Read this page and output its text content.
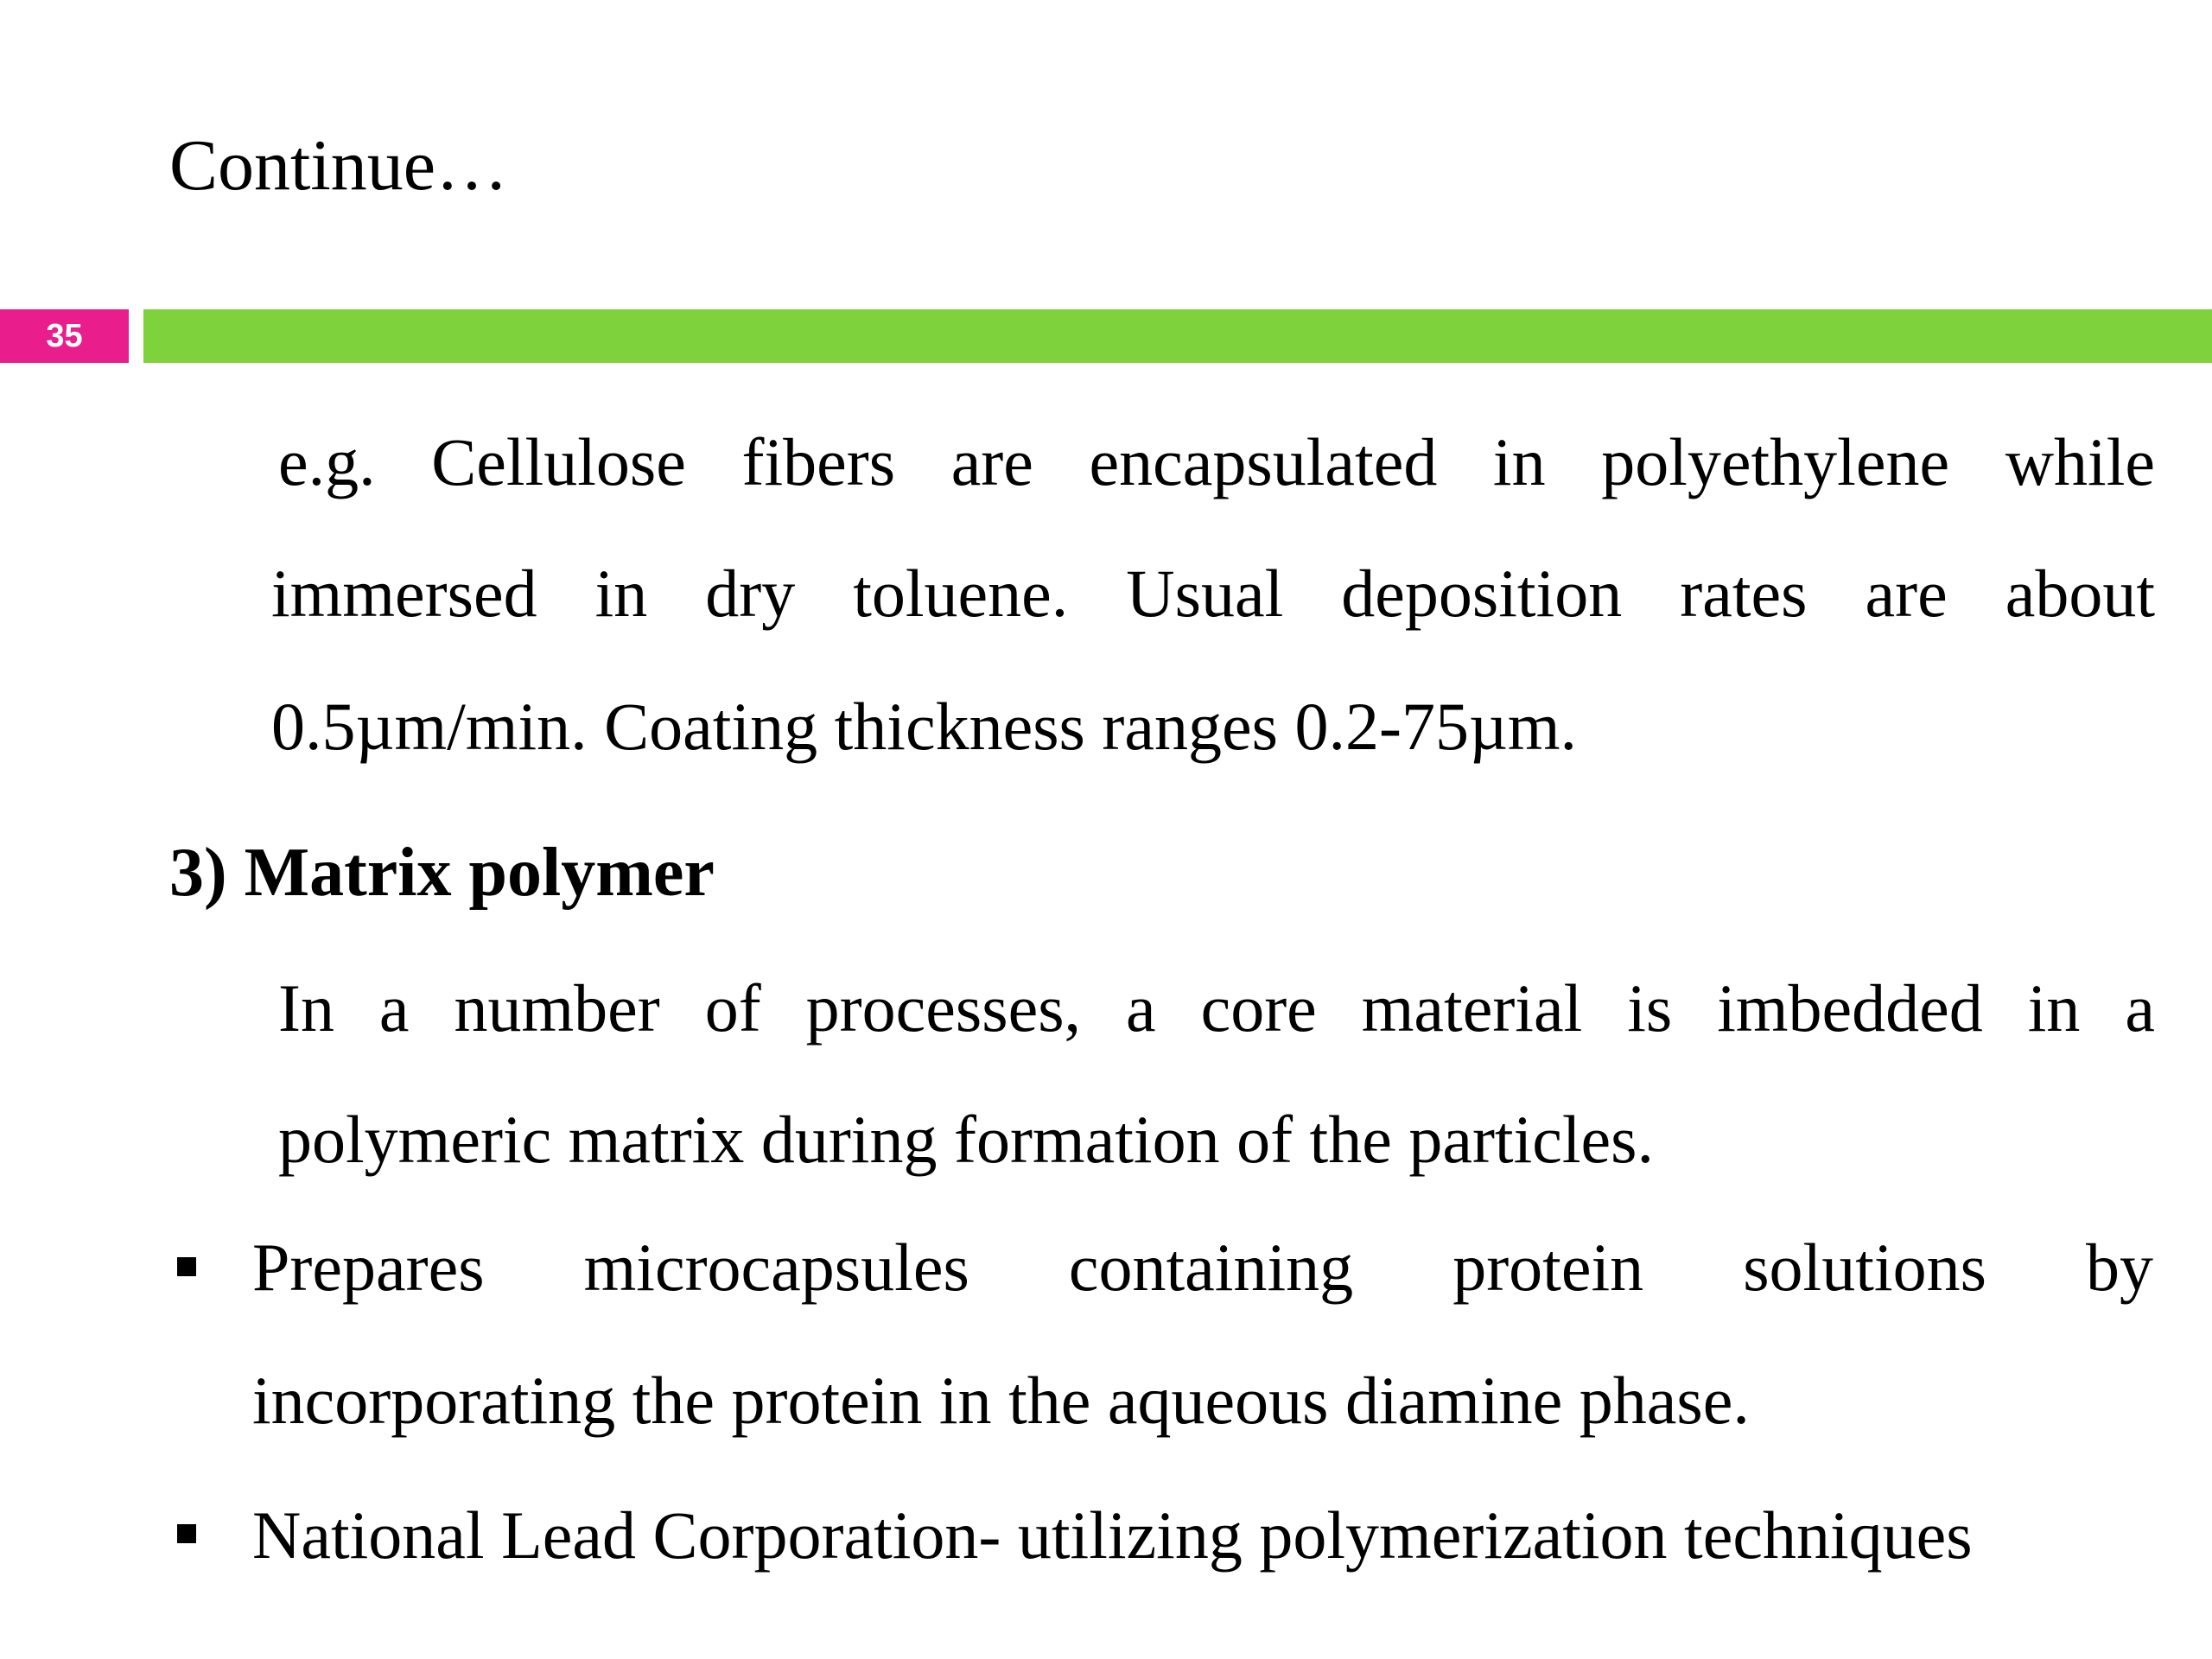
Continue…
35
e.g. Cellulose fibers are encapsulated in polyethylene while
immersed in dry toluene. Usual deposition rates are about
0.5µm/min. Coating thickness ranges 0.2-75µm.
3) Matrix polymer
In a number of processes, a core material is imbedded in a
polymeric matrix during formation of the particles.
Prepares microcapsules containing protein solutions by
incorporating the protein in the aqueous diamine phase.
National Lead Corporation- utilizing polymerization techniques
